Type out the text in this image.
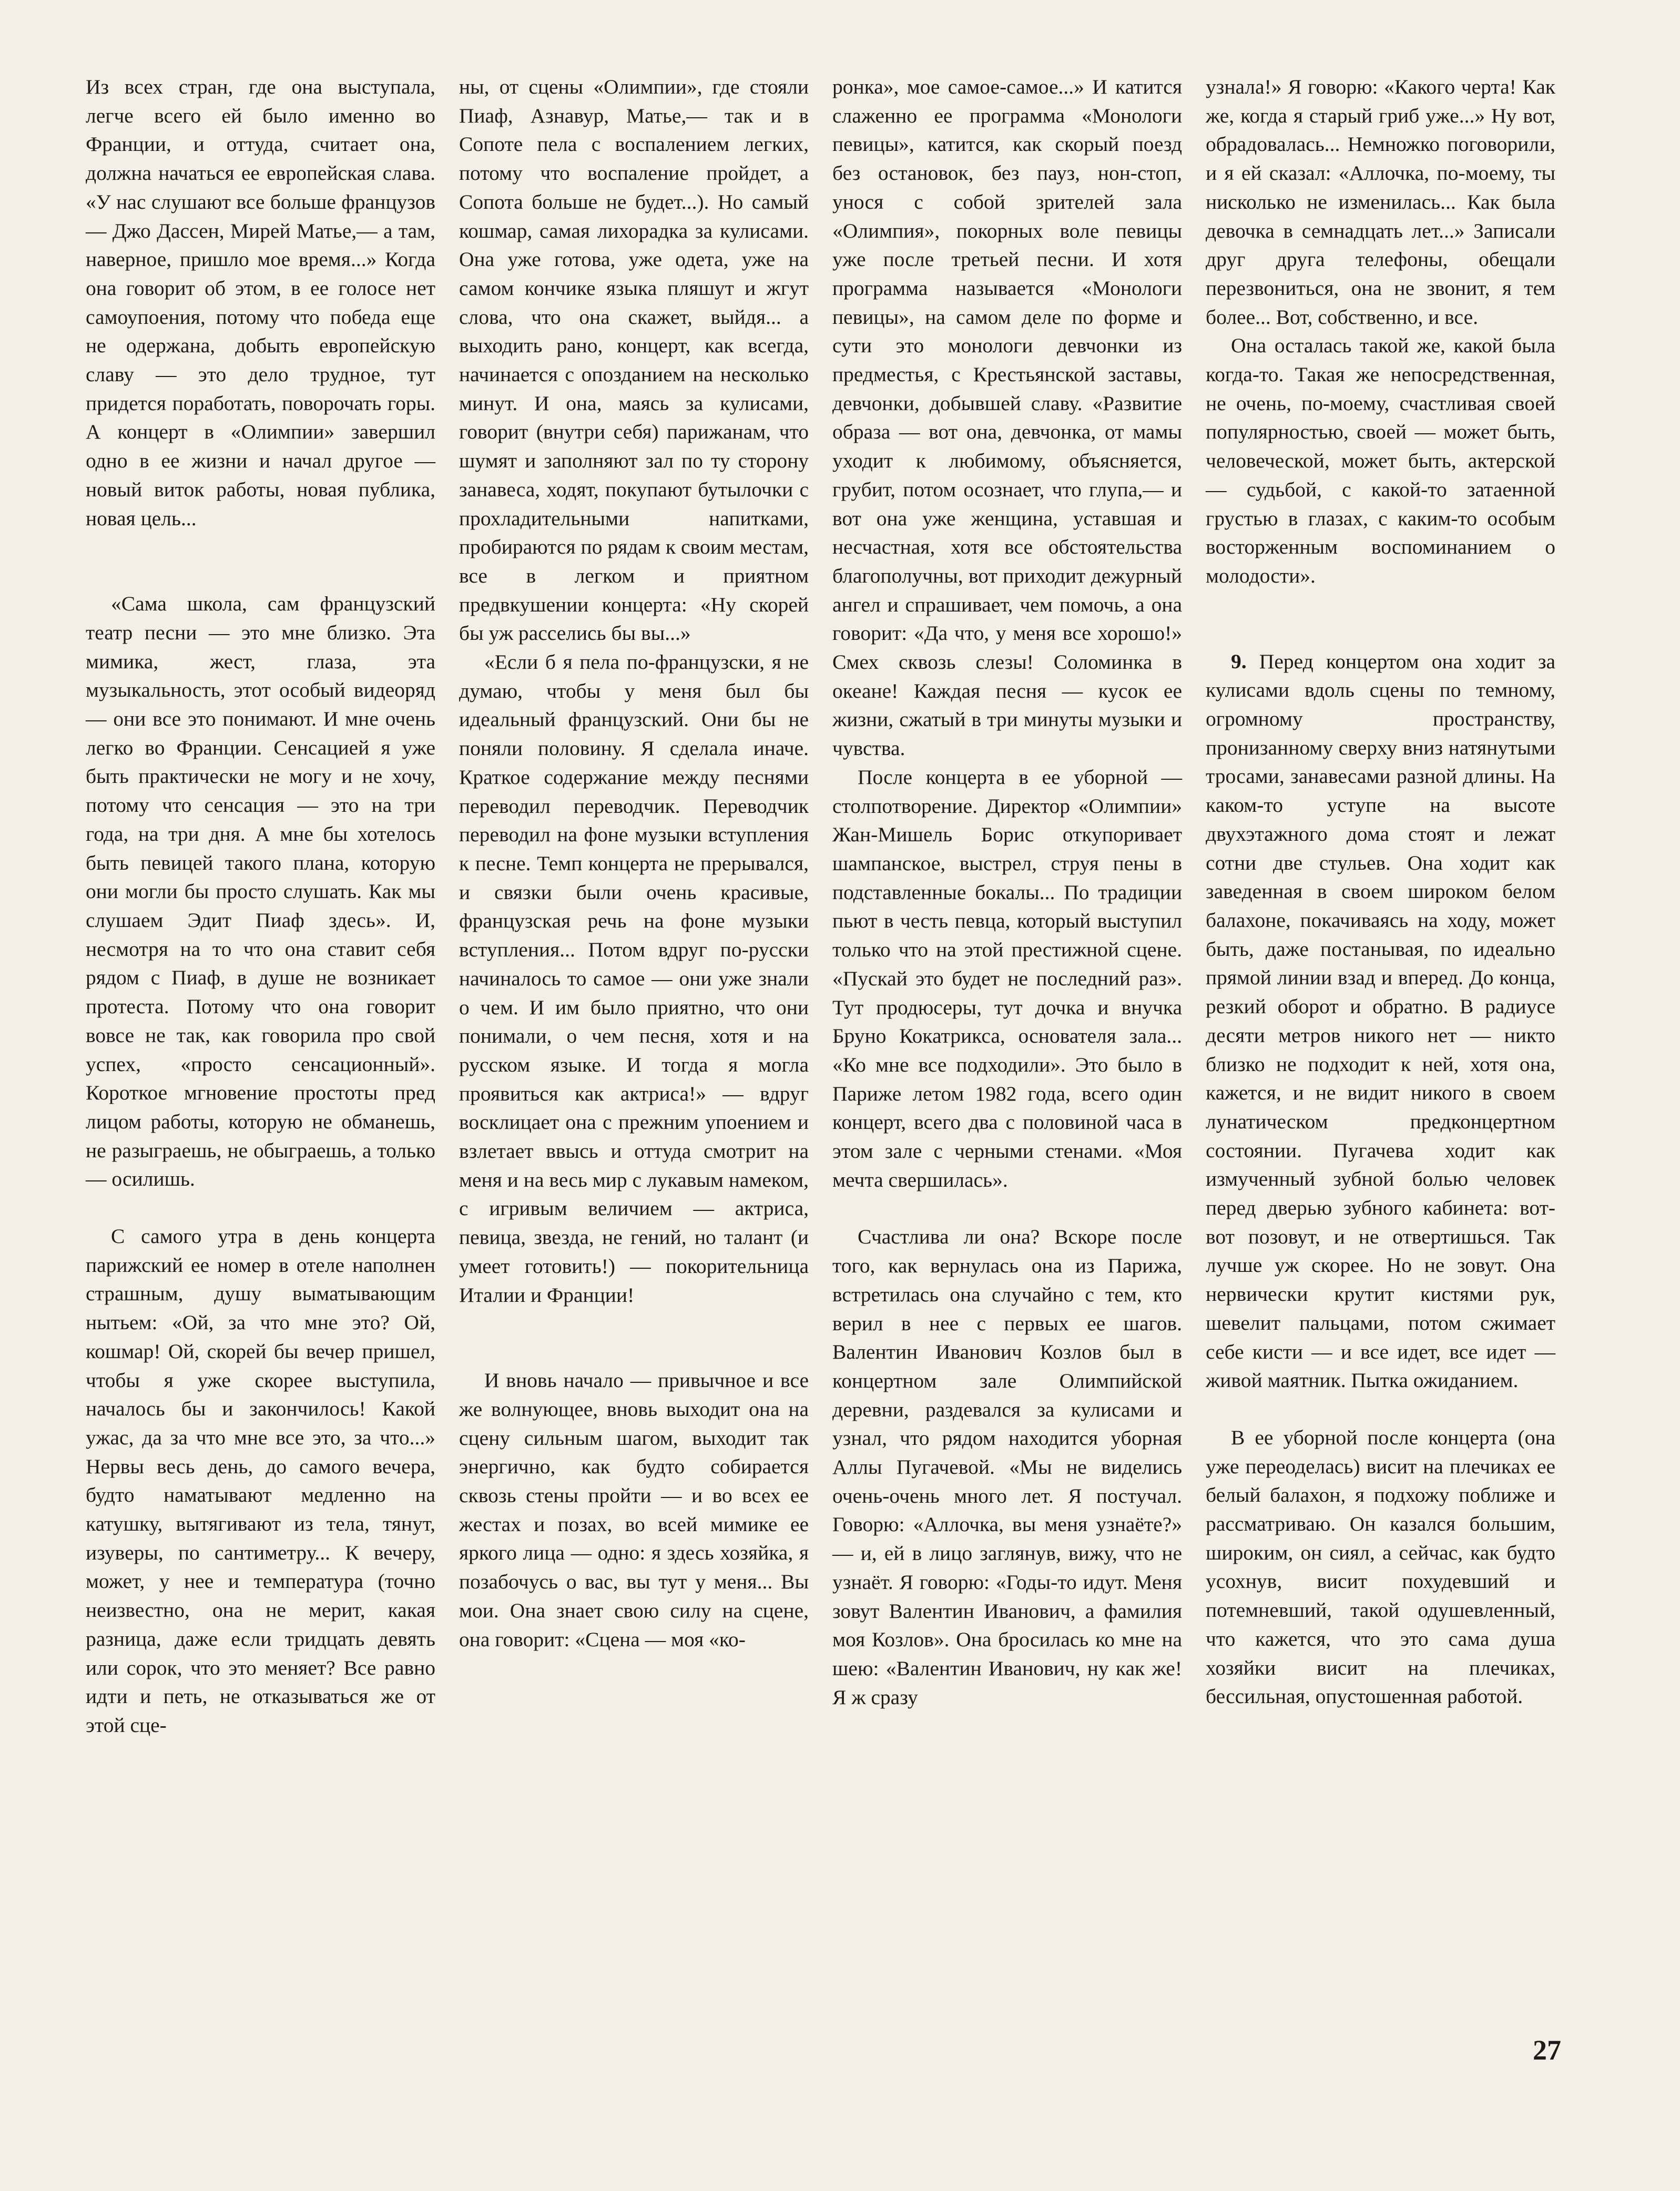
Из всех стран, где она выступала, легче всего ей было именно во Франции, и оттуда, считает она, должна начаться ее европейская слава. «У нас слушают все больше французов — Джо Дассен, Мирей Матье,— а там, наверное, пришло мое время...» Когда она говорит об этом, в ее голосе нет самоупоения, потому что победа еще не одержана, добыть европейскую славу — это дело трудное, тут придется поработать, поворочать горы. А концерт в «Олимпии» завершил одно в ее жизни и начал другое — новый виток работы, новая публика, новая цель...

«Сама школа, сам французский театр песни — это мне близко. Эта мимика, жест, глаза, эта музыкальность, этот особый видеоряд — они все это понимают. И мне очень легко во Франции. Сенсацией я уже быть практически не могу и не хочу, потому что сенсация — это на три года, на три дня. А мне бы хотелось быть певицей такого плана, которую они могли бы просто слушать. Как мы слушаем Эдит Пиаф здесь». И, несмотря на то что она ставит себя рядом с Пиаф, в душе не возникает протеста. Потому что она говорит вовсе не так, как говорила про свой успех, «просто сенсационный». Короткое мгновение простоты пред лицом работы, которую не обманешь, не разыграешь, не обыграешь, а только — осилишь.

С самого утра в день концерта парижский ее номер в отеле наполнен страшным, душу выматывающим нытьем: «Ой, за что мне это? Ой, кошмар! Ой, скорей бы вечер пришел, чтобы я уже скорее выступила, началось бы и закончилось! Какой ужас, да за что мне все это, за что...» Нервы весь день, до самого вечера, будто наматывают медленно на катушку, вытягивают из тела, тянут, изуверы, по сантиметру... К вечеру, может, у нее и температура (точно неизвестно, она не мерит, какая разница, даже если тридцать девять или сорок, что это меняет? Все равно идти и петь, не отказываться же от этой сце-

ны, от сцены «Олимпии», где стояли Пиаф, Азнавур, Матье,— так и в Сопоте пела с воспалением легких, потому что воспаление пройдет, а Сопота больше не будет...). Но самый кошмар, самая лихорадка за кулисами. Она уже готова, уже одета, уже на самом кончике языка пляшут и жгут слова, что она скажет, выйдя... а выходить рано, концерт, как всегда, начинается с опозданием на несколько минут. И она, маясь за кулисами, говорит (внутри себя) парижанам, что шумят и заполняют зал по ту сторону занавеса, ходят, покупают бутылочки с прохладительными напитками, пробираются по рядам к своим местам, все в легком и приятном предвкушении концерта: «Ну скорей бы уж расселись бы вы...»

«Если б я пела по-французски, я не думаю, чтобы у меня был бы идеальный французский. Они бы не поняли половину. Я сделала иначе. Краткое содержание между песнями переводил переводчик. Переводчик переводил на фоне музыки вступления к песне. Темп концерта не прерывался, и связки были очень красивые, французская речь на фоне музыки вступления... Потом вдруг по-русски начиналось то самое — они уже знали о чем. И им было приятно, что они понимали, о чем песня, хотя и на русском языке. И тогда я могла проявиться как актриса!» — вдруг восклицает она с прежним упоением и взлетает ввысь и оттуда смотрит на меня и на весь мир с лукавым намеком, с игривым величием — актриса, певица, звезда, не гений, но талант (и умеет готовить!) — покорительница Италии и Франции!

И вновь начало — привычное и все же волнующее, вновь выходит она на сцену сильным шагом, выходит так энергично, как будто собирается сквозь стены пройти — и во всех ее жестах и позах, во всей мимике ее яркого лица — одно: я здесь хозяйка, я позабочусь о вас, вы тут у меня... Вы мои. Она знает свою силу на сцене, она говорит: «Сцена — моя «ко-

ронка», мое самое-самое...» И катится слаженно ее программа «Монологи певицы», катится, как скорый поезд без остановок, без пауз, нон-стоп, унося с собой зрителей зала «Олимпия», покорных воле певицы уже после третьей песни. И хотя программа называется «Монологи певицы», на самом деле по форме и сути это монологи девчонки из предместья, с Крестьянской заставы, девчонки, добывшей славу. «Развитие образа — вот она, девчонка, от мамы уходит к любимому, объясняется, грубит, потом осознает, что глупа,— и вот она уже женщина, уставшая и несчастная, хотя все обстоятельства благополучны, вот приходит дежурный ангел и спрашивает, чем помочь, а она говорит: «Да что, у меня все хорошо!» Смех сквозь слезы! Соломинка в океане! Каждая песня — кусок ее жизни, сжатый в три минуты музыки и чувства.

После концерта в ее уборной — столпотворение. Директор «Олимпии» Жан-Мишель Борис откупоривает шампанское, выстрел, струя пены в подставленные бокалы... По традиции пьют в честь певца, который выступил только что на этой престижной сцене. «Пускай это будет не последний раз». Тут продюсеры, тут дочка и внучка Бруно Кокатрикса, основателя зала... «Ко мне все подходили». Это было в Париже летом 1982 года, всего один концерт, всего два с половиной часа в этом зале с черными стенами. «Моя мечта свершилась».

Счастлива ли она? Вскоре после того, как вернулась она из Парижа, встретилась она случайно с тем, кто верил в нее с первых ее шагов. Валентин Иванович Козлов был в концертном зале Олимпийской деревни, раздевался за кулисами и узнал, что рядом находится уборная Аллы Пугачевой. «Мы не виделись очень-очень много лет. Я постучал. Говорю: «Аллочка, вы меня узнаёте?» — и, ей в лицо заглянув, вижу, что не узнаёт. Я говорю: «Годы-то идут. Меня зовут Валентин Иванович, а фамилия моя Козлов». Она бросилась ко мне на шею: «Валентин Иванович, ну как же! Я ж сразу

узнала!» Я говорю: «Какого черта! Как же, когда я старый гриб уже...» Ну вот, обрадовалась... Немножко поговорили, и я ей сказал: «Аллочка, по-моему, ты нисколько не изменилась... Как была девочка в семнадцать лет...» Записали друг друга телефоны, обещали перезвониться, она не звонит, я тем более... Вот, собственно, и все.

Она осталась такой же, какой была когда-то. Такая же непосредственная, не очень, по-моему, счастливая своей популярностью, своей — может быть, человеческой, может быть, актерской — судьбой, с какой-то затаенной грустью в глазах, с каким-то особым восторженным воспоминанием о молодости».

9. Перед концертом она ходит за кулисами вдоль сцены по темному, огромному пространству, пронизанному сверху вниз натянутыми тросами, занавесами разной длины. На каком-то уступе на высоте двухэтажного дома стоят и лежат сотни две стульев. Она ходит как заведенная в своем широком белом балахоне, покачиваясь на ходу, может быть, даже постанывая, по идеально прямой линии взад и вперед. До конца, резкий оборот и обратно. В радиусе десяти метров никого нет — никто близко не подходит к ней, хотя она, кажется, и не видит никого в своем лунатическом предконцертном состоянии. Пугачева ходит как измученный зубной болью человек перед дверью зубного кабинета: вот-вот позовут, и не отвертишься. Так лучше уж скорее. Но не зовут. Она нервически крутит кистями рук, шевелит пальцами, потом сжимает себе кисти — и все идет, все идет — живой маятник. Пытка ожиданием.

В ее уборной после концерта (она уже переоделась) висит на плечиках ее белый балахон, я подхожу поближе и рассматриваю. Он казался большим, широким, он сиял, а сейчас, как будто усохнув, висит похудевший и потемневший, такой одушевленный, что кажется, что это сама душа хозяйки висит на плечиках, бессильная, опустошенная работой.

27
